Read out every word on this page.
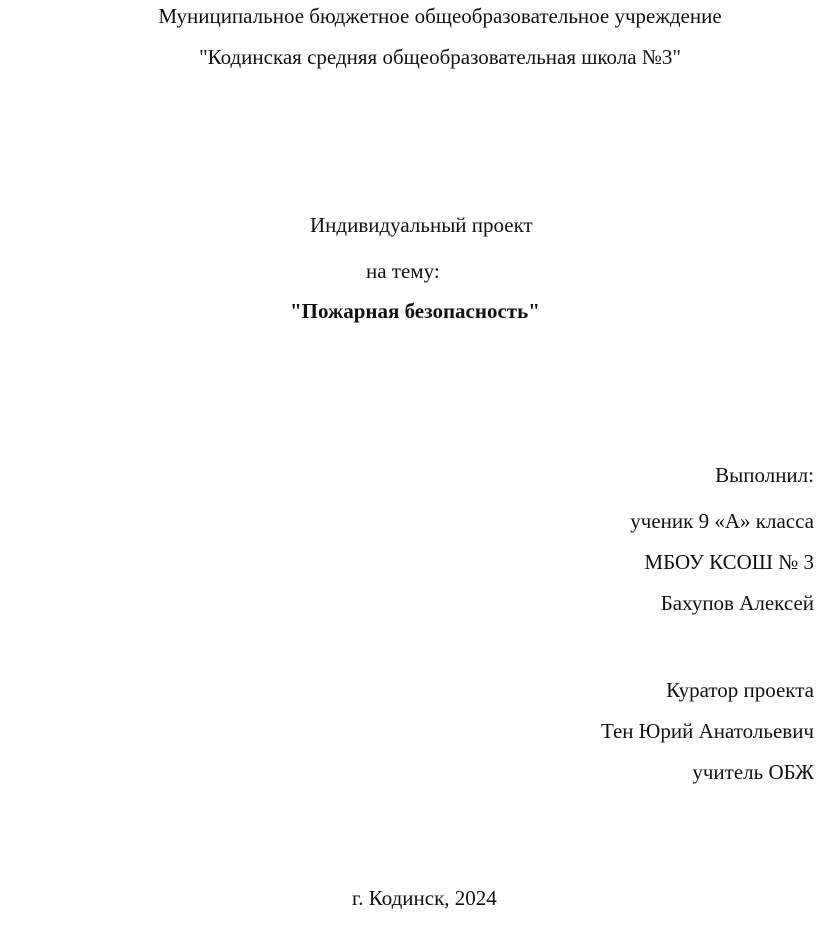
Муниципальное бюджетное общеобразовательное учреждение
"Кодинская средняя общеобразовательная школа №3"
Индивидуальный проект
на тему:
"Пожарная безопасность"
Выполнил:
ученик 9 «А» класса
МБОУ КСОШ № 3
Бахупов Алексей
Куратор проекта
Тен Юрий Анатольевич
учитель ОБЖ
г. Кодинск, 2024
